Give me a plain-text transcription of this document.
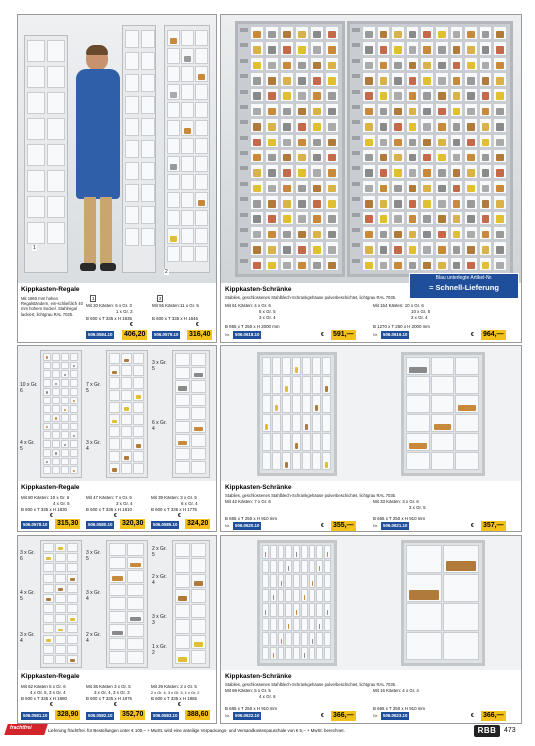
1
2
Kippkasten-Regale
Mit 1860 mm hohen Regalständern, ein-schließlich 40 mm hohem Sockel. Stahlregal lackiert, lichtgrau RAL 7035.
1	2
Mit 20 Kästen: 6 x Gr. 3
1 x Gr. 2
B 600 x T 335 x H 1935
Mit 55 Kästen:11 x Gr. 5
B 600 x T 335 x H 1845
€	€
506.0584.10 406,20	506.0579.10 316,40
Blau unterlegte Artikel-Nr.
= Schnell-Lieferung
Kippkasten-Schränke
Stabiles, geschlossenes Stahlblech-Schrankgehäuse pulverbeschichtet, lichtgrau RAL 7035.
Mit 61 Kästen: 4 x Gr. 6
5 x Gr. 5
3 x Gr. 4
B 955 x T 250 x H 2000 mm
Mit 154 Kästen: 10 x Gr. 6
10 x Gr. 5
2 x Gr. 4
B 1270 x T 250 x H 2000 mm
Nr.	506.0618.10	€ 591,—	Nr.	506.0619.10	€ 964,—
10 x Gr. 6
4 x Gr. 5
7 x Gr. 5
3 x Gr. 4
3 x Gr. 5
6 x Gr. 4
Kippkasten-Regale
Mit 80 Kästen: 10 x Gr. 6
4 x Gr. 5
B 600 x T 335 x H 1830
Mit 47 Kästen: 7 x Gr. 5
3 x Gr. 4
B 600 x T 335 x H 1810
Mit 39 Kästen: 3 x Gr. 5
6 x Gr. 4
B 600 x T 335 x H 1775
€	€	€
506.0578.10 315,30	506.0580.10 320,30	506.0585.10 324,20
Kippkasten-Schränke
Stabiles, geschlossenes Stahlblech-Schrankgehäuse pulverbeschichtet, lichtgrau RAL 7035.
Mit 42 Kästen: 7 x Gr. 6
B 665 x T 250 x H 910 mm
Mit 33 Kästen: 3 x Gr. 6
3 x Gr. 5
B 665 x T 250 x H 910 mm
Nr.	506.0620.10	€ 355,—	Nr.	506.0621.10	€ 357,—
3 x Gr. 6
4 x Gr. 5
3 x Gr. 4
3 x Gr. 5
3 x Gr. 4
2 x Gr. 4
2 x Gr. 5
2 x Gr. 4
3 x Gr. 3
1 x Gr. 2
Kippkasten-Regale
Mit 62 Kästen 5 x Gr. 6
4 x Gr. 5, 3 x Gr. 4
B 600 x T 335 x H 1880
Mit 36 Kästen 3 x Gr. 5
3 x Gr. 4, 3 x Gr. 3
B 600 x T 335 x H 1875
Mit 29 Kästen: 2 x Gr. 5
2 x Gr. 4, 3 x Gr. 3, 1 x Gr. 2
B 600 x T 335 x H 1865
€	€	€
506.0581.10 328,90	506.0582.10 352,70	506.0583.10 388,60
Kippkasten-Schränke
Stabiles, geschlossenes Stahlblech-Schrankgehäuse pulverbeschichtet, lichtgrau RAL 7035.
Mit 69 Kästen: 5 x Gr. 5
4 x Gr. 6
B 665 x T 250 x H 910 mm
Mit 16 Kästen: 4 x Gr. 4
B 665 x T 250 x H 910 mm
Nr.	506.0622.10	€ 366,—	Nr.	506.0623.10	€ 366,—
frachtfrei	Lieferung frachtfrei. für Bestellungen unter € 100,– + MwSt. wird eine anteilige Verpackungs- und Versandkostenpauschale von € 5,– + MwSt. berechnet.	RBB	473
